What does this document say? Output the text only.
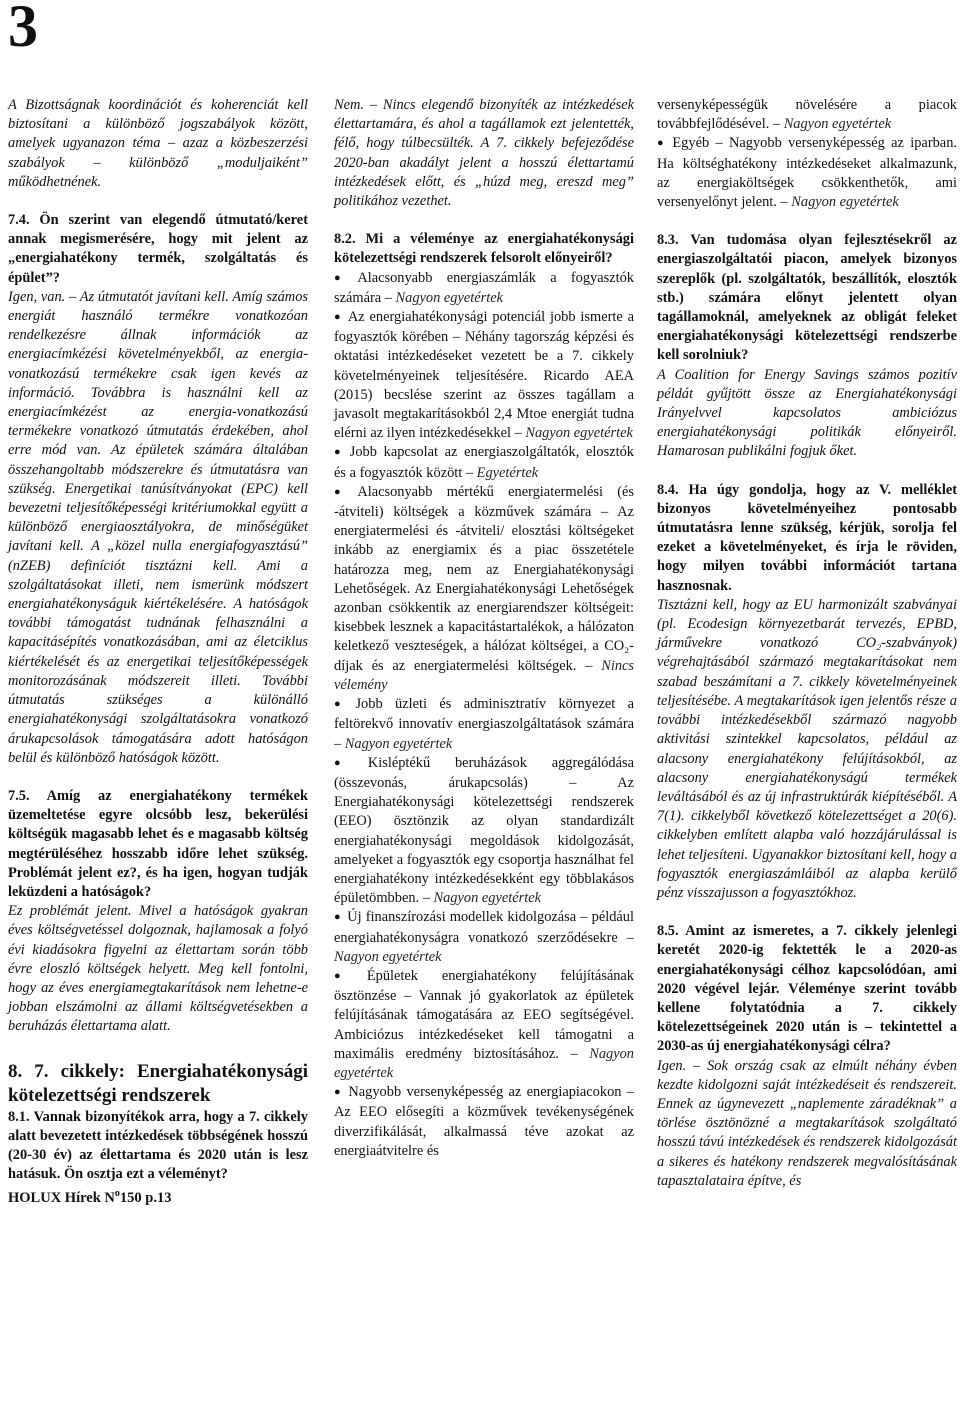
3

A Bizottságnak koordinációt és koherenciát kell biztosítani a különböző jogszabályok között, amelyek ugyanazon téma – azaz a közbeszerzési szabályok – különböző „moduljaiként” működhetnének.

7.4. Ön szerint van elegendő útmutató/keret annak megismerésére, hogy mit jelent az „energiahatékony termék, szolgáltatás és épület”?

Igen, van. – Az útmutatót javítani kell. Amíg számos energiát használó termékre vonatkozóan rendelkezésre állnak információk az energiacímkézési követelményekből, az energia-vonatkozású termékekre csak igen kevés az információ. Továbbra is használni kell az energiacímkézést az energia-vonatkozású termékekre vonatkozó útmutatás érdekében, ahol erre mód van. Az épületek számára általában összehangoltabb módszerekre és útmutatásra van szükség. Energetikai tanúsítványokat (EPC) kell bevezetni teljesítőképességi kritériumokkal együtt a különböző energiaosztályokra, de minőségüket javítani kell. A „közel nulla energiafogyasztású” (nZEB) definíciót tisztázni kell. Ami a szolgáltatásokat illeti, nem ismerünk módszert energiahatékonyságuk kiértékelésére. A hatóságok további támogatást tudnának felhasználni a kapacitásépítés vonatkozásában, ami az életciklus kiértékelését és az energetikai teljesítőképességek monitorozásának módszereit illeti. További útmutatás szükséges a különálló energiahatékonysági szolgáltatásokra vonatkozó árukapcsolások támogatására adott hatóságon belül és különböző hatóságok között.

7.5. Amíg az energiahatékony termékek üzemeltetése egyre olcsóbb lesz, bekerülési költségük magasabb lehet és e magasabb költség megtérüléséhez hosszabb időre lehet szükség. Problémát jelent ez?, és ha igen, hogyan tudják leküzdeni a hatóságok?

Ez problémát jelent. Mivel a hatóságok gyakran éves költségvetéssel dolgoznak, hajlamosak a folyó évi kiadásokra figyelni az élettartam során több évre eloszló költségek helyett. Meg kell fontolni, hogy az éves energiamegtakarítások nem lehetne-e jobban elszámolni az állami költségvetésekben a beruházás élettartama alatt.

8. 7. cikkely: Energiahatékonysági kötelezettségi rendszerek

8.1. Vannak bizonyítékok arra, hogy a 7. cikkely alatt bevezetett intézkedések többségének hosszú (20-30 év) az élettartama és 2020 után is lesz hatásuk. Ön osztja ezt a véleményt?

HOLUX Hírek $N^o150$ p.13

Nem. – Nincs elegendő bizonyíték az intézkedések élettartamára, és ahol a tagállamok ezt jelentették, félő, hogy túlbecsülték. A 7. cikkely befejeződése 2020-ban akadályt jelent a hosszú élettartamú intézkedések előtt, és „húzd meg, ereszd meg” politikához vezethet.

8.2. Mi a véleménye az energiahatékonysági kötelezettségi rendszerek felsorolt előnyeiről?

● Alacsonyabb energiaszámlák a fogyasztók számára – Nagyon egyetértek

● Az energiahatékonysági potenciál jobb ismerte a fogyasztók körében – Néhány tagország képzési és oktatási intézkedéseket vezetett be a 7. cikkely követelményeinek teljesítésére. Ricardo AEA (2015) becslése szerint az összes tagállam a javasolt megtakarításokból 2,4 Mtoe energiát tudna elérni az ilyen intézkedésekkel – Nagyon egyetértek

● Jobb kapcsolat az energiaszolgáltatók, elosztók és a fogyasztók között – Egyetértek

● Alacsonyabb mértékű energiatermelési (és -átviteli) költségek a közművek számára – Az energiatermelési és -átviteli/ elosztási költségeket inkább az energiamix és a piac összetétele határozza meg, nem az Energiahatékonysági Lehetőségek. Az Energiahatékonysági Lehetőségek azonban csökkentik az energiarendszer költségeit: kisebbek lesznek a kapacitástartalékok, a hálózaton keletkező veszteségek, a hálózat költségei, a CO₂-díjak és az energiatermelési költségek. – Nincs vélemény

● Jobb üzleti és adminisztratív környezet a feltörekvő innovatív energiaszolgáltatások számára – Nagyon egyetértek

● Kisléptékű beruházások aggregálódása (összevonás, árukapcsolás) – Az Energiahatékonysági kötelezettségi rendszerek (EEO) ösztönzik az olyan standardizált energiahatékonysági megoldások kidolgozását, amelyeket a fogyasztók egy csoportja használhat fel energiahatékony intézkedésekként egy többlakásos épületömbben. – Nagyon egyetértek

● Új finanszírozási modellek kidolgozása – például energiahatékonyságra vonatkozó szerződésekre – Nagyon egyetértek

● Épületek energiahatékony felújításának ösztönzése – Vannak jó gyakorlatok az épületek felújításának támogatására az EEO segítségével. Ambiciózus intézkedéseket kell támogatni a maximális eredmény biztosításához. – Nagyon egyetértek

● Nagyobb versenyképesség az energiapiacokon – Az EEO elősegíti a közművek tevékenységének diverzifikálását, alkalmassá téve azokat az energiaátvitelre és

versenyképességük növelésére a piacok továbbfejlődésével. – Nagyon egyetértek

● Egyéb – Nagyobb versenyképesség az iparban. Ha költséghatékony intézkedéseket alkalmazunk, az energiaköltségek csökkenthetők, ami versenyelőnyt jelent. – Nagyon egyetértek

8.3. Van tudomása olyan fejlesztésekről az energiaszolgáltatói piacon, amelyek bizonyos szereplők (pl. szolgáltatók, beszállítók, elosztók stb.) számára előnyt jelentett olyan tagállamoknál, amelyeknek az obligát feleket energiahatékonysági kötelezettségi rendszerbe kell sorolniuk?

A Coalition for Energy Savings számos pozitív példát gyűjtött össze az Energiahatékonysági Irányelvvel kapcsolatos ambiciózus energiahatékonysági politikák előnyeiről. Hamarosan publikálni fogjuk őket.

8.4. Ha úgy gondolja, hogy az V. melléklet bizonyos követelményeihez pontosabb útmutatásra lenne szükség, kérjük, sorolja fel ezeket a követelményeket, és írja le röviden, hogy milyen további információt tartana hasznosnak.

Tisztázni kell, hogy az EU harmonizált szabványai (pl. Ecodesign környezetbarát tervezés, EPBD, járművekre vonatkozó CO₂-szabványok) végrehajtásából származó megtakarításokat nem szabad beszámítani a 7. cikkely követelményeinek teljesítésébe. A megtakarítások igen jelentős része a további intézkedésekből származó nagyobb aktivitási szintekkel kapcsolatos, például az alacsony energiahatékony felújításokból, az alacsony energiahatékonyságú termékek leváltásából és az új infrastruktúrák kiépítéséből. A 7(1). cikkelyből következő kötelezettséget a 20(6). cikkelyben említett alapba való hozzájárulással is lehet teljesíteni. Ugyanakkor biztosítani kell, hogy a fogyasztók energiaszámláiból az alapba kerülő pénz visszajusson a fogyasztókhoz.

8.5. Amint az ismeretes, a 7. cikkely jelenlegi keretét 2020-ig fektették le a 2020-as energiahatékonysági célhoz kapcsolódóan, ami 2020 végével lejár. Véleménye szerint tovább kellene folytatódnia a 7. cikkely kötelezettségeinek 2020 után is – tekintettel a 2030-as új energiahatékonysági célra?

Igen. – Sok ország csak az elmúlt néhány évben kezdte kidolgozni saját intézkedéseit és rendszereit. Ennek az úgynevezett „naplemente záradéknak” a törlése ösztönözné a megtakarítások szolgáltató hosszú távú intézkedések és rendszerek kidolgozását a sikeres és hatékony rendszerek megvalósításának tapasztalataira építve, és
